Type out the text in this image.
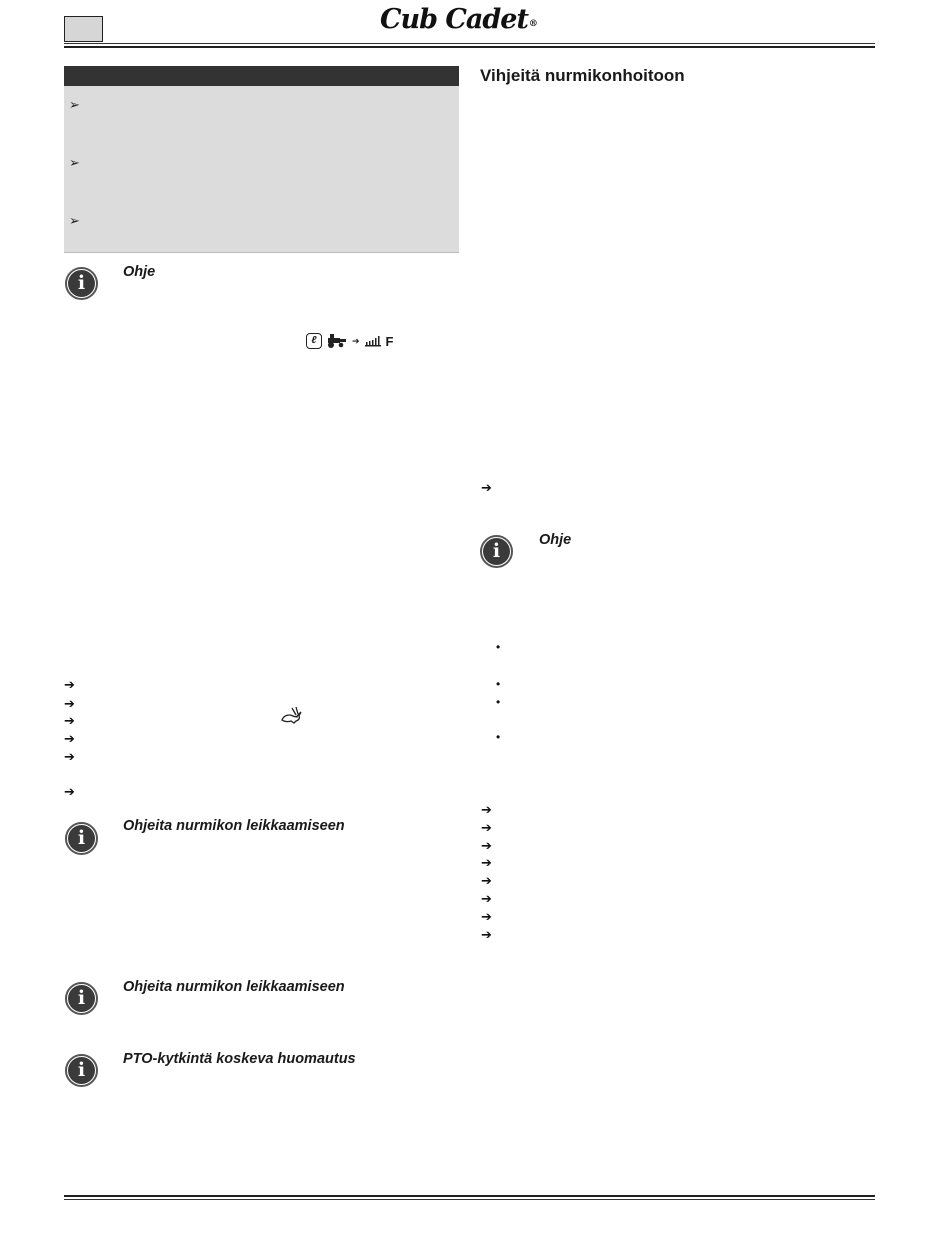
Cub Cadet®
➢
➢
➢
i	Ohje
ℓ	➔ F
➔
➔
➔
➔
➔
➔
i
Ohjeita nurmikon leikkaamiseen
i	Ohjeita nurmikon leikkaamiseen
i	PTO-kytkintä koskeva huomautus
Vihjeitä nurmikonhoitoon
➔
i	Ohje
•
•
•
•
➔
➔
➔
➔
➔
➔
➔
➔
